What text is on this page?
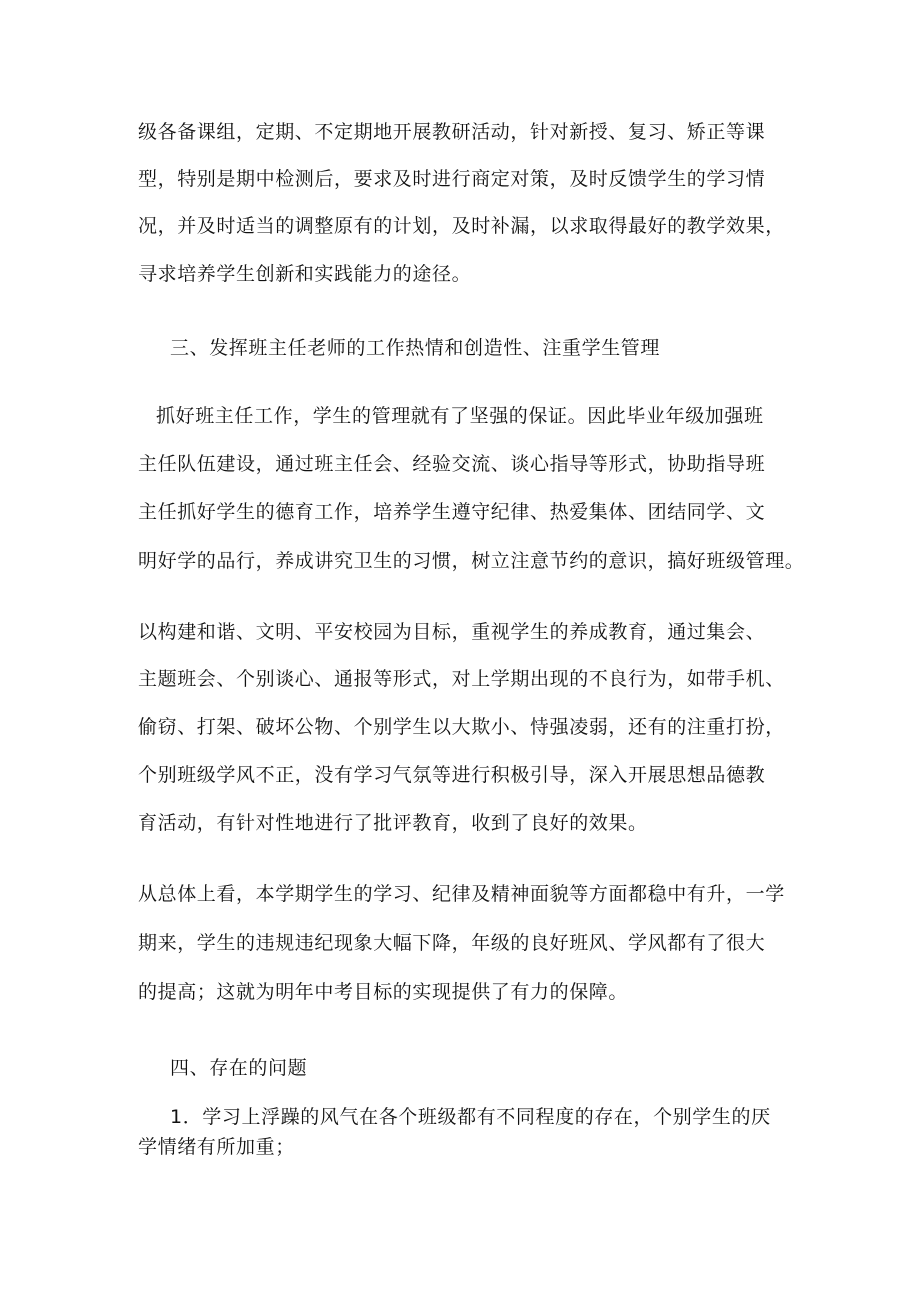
级各备课组，定期、不定期地开展教研活动，针对新授、复习、矫正等课
型，特别是期中检测后，要求及时进行商定对策，及时反馈学生的学习情
况，并及时适当的调整原有的计划，及时补漏，以求取得最好的教学效果，
寻求培养学生创新和实践能力的途径。
三、发挥班主任老师的工作热情和创造性、注重学生管理
抓好班主任工作，学生的管理就有了坚强的保证。因此毕业年级加强班
主任队伍建设，通过班主任会、经验交流、谈心指导等形式，协助指导班
主任抓好学生的德育工作，培养学生遵守纪律、热爱集体、团结同学、文
明好学的品行，养成讲究卫生的习惯，树立注意节约的意识，搞好班级管理。
以构建和谐、文明、平安校园为目标，重视学生的养成教育，通过集会、
主题班会、个别谈心、通报等形式，对上学期出现的不良行为，如带手机、
偷窃、打架、破坏公物、个别学生以大欺小、恃强凌弱，还有的注重打扮，
个别班级学风不正，没有学习气氛等进行积极引导，深入开展思想品德教
育活动，有针对性地进行了批评教育，收到了良好的效果。
从总体上看，本学期学生的学习、纪律及精神面貌等方面都稳中有升，一学
期来，学生的违规违纪现象大幅下降，年级的良好班风、学风都有了很大
的提高；这就为明年中考目标的实现提供了有力的保障。
四、存在的问题
1．学习上浮躁的风气在各个班级都有不同程度的存在，个别学生的厌
学情绪有所加重；
